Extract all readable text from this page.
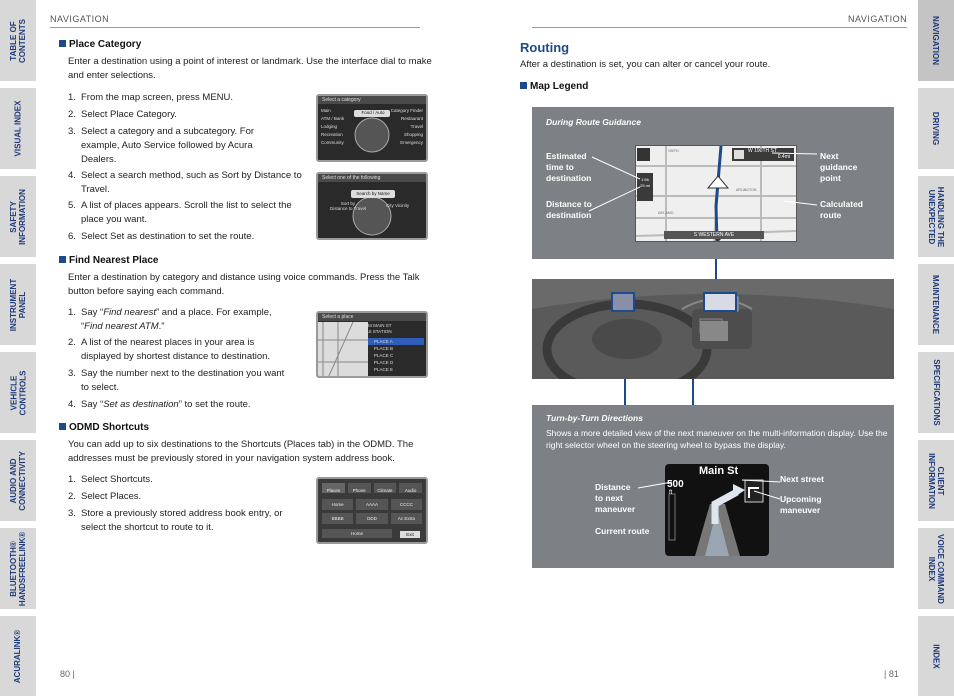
TABLE OF
CONTENTS
VISUAL INDEX
SAFETY
INFORMATION
INSTRUMENT
PANEL
VEHICLE
CONTROLS
AUDIO AND
CONNECTIVITY
BLUETOOTH®
HANDSFREELINK®
ACURALINK®
NAVIGATION
DRIVING
HANDLING THE
UNEXPECTED
MAINTENANCE
SPECIFICATIONS
CLIENT
INFORMATION
VOICE COMMAND
INDEX
INDEX
NAVIGATION
Place Category
Enter a destination using a point of interest or landmark. Use the interface dial to make and enter selections.
1. From the map screen, press MENU.
2. Select Place Category.
3. Select a category and a subcategory. For example, Auto Service followed by Acura Dealers.
4. Select a search method, such as Sort by Distance to Travel.
5. A list of places appears. Scroll the list to select the place you want.
6. Select Set as destination to set the route.
Select a category
Main
ATM / Bank
Lodging
Recreation
Community
Category Finder
Restaurant
Travel
Shopping
Emergency
Food / Auto
Select one of the following
Search by Name
Sort by
Distance to Travel
City Vicinity
Find Nearest Place
Enter a destination by category and distance using voice commands. Press the Talk button before saying each command.
1. Say “Find nearest” and a place. For example, “Find nearest ATM.”
2. A list of the nearest places in your area is displayed by shortest distance to destination.
3. Say the number next to the destination you want to select.
4. Say “Set as destination” to set the route.
Select a place
1234 MAIN ST
GAS STATION
PLACE A
PLACE B
PLACE C
PLACE D
PLACE E
ODMD Shortcuts
You can add up to six destinations to the Shortcuts (Places tab) in the ODMD. The addresses must be previously stored in your navigation system address book.
1. Select Shortcuts.
2. Select Places.
3. Store a previously stored address book entry, or select the shortcut to route to it.
Places	Phone	Climate	Audio
Home	AAAA	CCCC
BBBB	DDD	Ac Extra
Home	Exit
80 |
NAVIGATION
Routing
After a destination is set, you can alter or cancel your route.
Map Legend
During Route Guidance
Estimated
time to
destination
Distance to
destination
Next
guidance
point
Calculated
route
1:56
25 mi
W 190TH ST
0.4mi
S WESTERN AVE
190TH
DEL AMO
ARLINGTON
Turn-by-Turn Directions
Shows a more detailed view of the next maneuver on the multi-information display. Use the right selector wheel on the steering wheel to bypass the display.
Distance
to next
maneuver
Current route
Next street
Upcoming
maneuver
Main St
500
ft
| 81
